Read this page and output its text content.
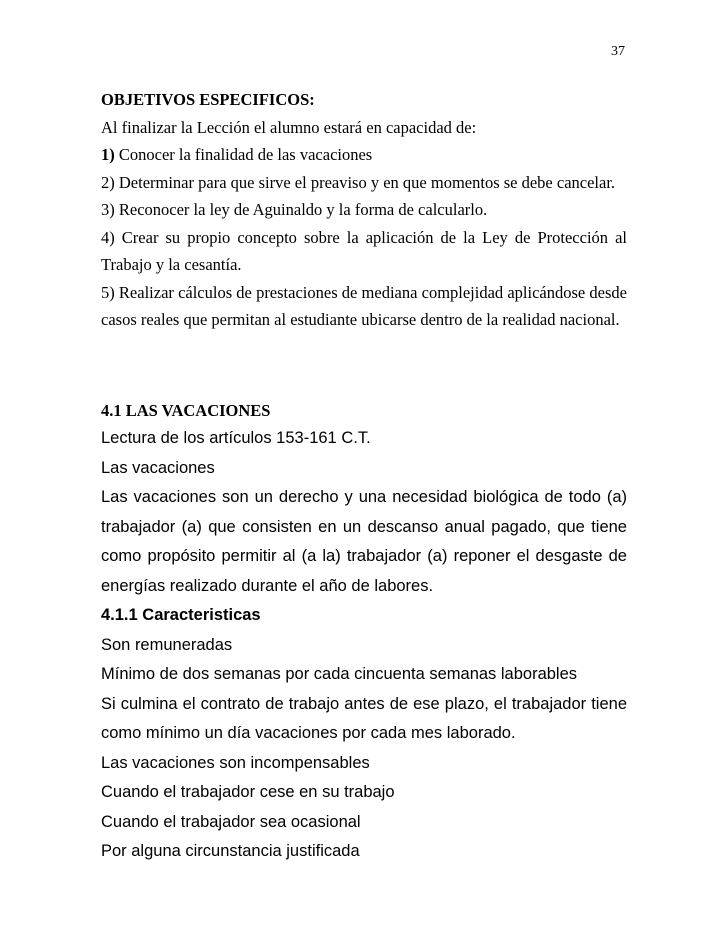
37

OBJETIVOS ESPECIFICOS:

Al finalizar la Lección el alumno estará en capacidad de:

1) Conocer la finalidad de las vacaciones

2) Determinar para que sirve el preaviso y en que momentos se debe cancelar.

3) Reconocer la ley de Aguinaldo y la forma de calcularlo.

4) Crear su propio concepto sobre la aplicación de la Ley de Protección al Trabajo y la cesantía.

5) Realizar cálculos de prestaciones de mediana complejidad aplicándose desde casos reales que permitan al estudiante ubicarse dentro de la realidad nacional.

4.1 LAS VACACIONES

Lectura de los artículos 153-161 C.T.

Las vacaciones

Las vacaciones son un derecho y una necesidad biológica de todo (a) trabajador (a) que consisten en un descanso anual pagado, que tiene como propósito permitir al (a la) trabajador (a) reponer el desgaste de energías realizado durante el año de labores.

4.1.1 Caracteristicas

Son remuneradas

Mínimo de dos semanas por cada cincuenta semanas laborables

Si culmina el contrato de trabajo antes de ese plazo, el trabajador tiene como mínimo un día vacaciones por cada mes laborado.

Las vacaciones son incompensables

Cuando el trabajador cese en su trabajo

Cuando el trabajador sea ocasional

Por alguna circunstancia justificada
